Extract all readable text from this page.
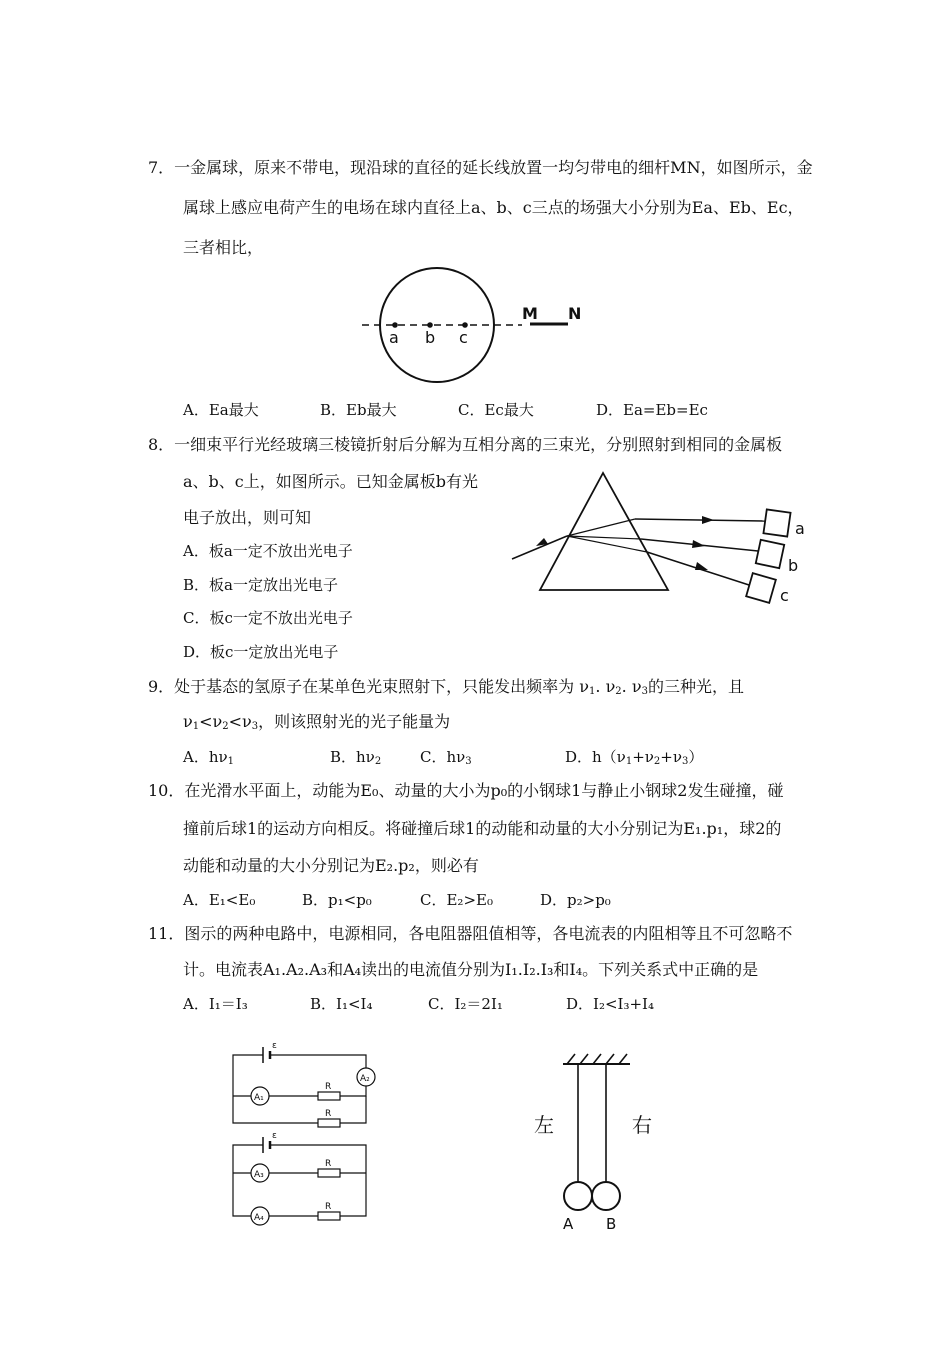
7．一金属球，原来不带电，现沿球的直径的延长线放置一均匀带电的细杆MN，如图所示，金
属球上感应电荷产生的电场在球内直径上a、b、c三点的场强大小分别为Ea、Eb、Ec，
三者相比，
a b c
M N
A．Ea最大	B．Eb最大	C．Ec最大	D．Ea=Eb=Ec
8．一细束平行光经玻璃三棱镜折射后分解为互相分离的三束光，分别照射到相同的金属板
a、b、c上，如图所示。已知金属板b有光
电子放出，则可知
A．板a一定不放出光电子
B．板a一定放出光电子
C．板c一定不放出光电子
D．板c一定放出光电子
a
b
c
9．处于基态的氢原子在某单色光束照射下，只能发出频率为 $\nu_1$. $\nu_2$. $\nu_3$的三种光，且
$\nu_1<\nu_2<\nu_3$，则该照射光的光子能量为
A．$h\nu_1$	B．$h\nu_2$	C．$h\nu_3$	D．$h(\nu_1+\nu_2+\nu_3)$
10．在光滑水平面上，动能为E₀、动量的大小为p₀的小钢球1与静止小钢球2发生碰撞，碰
撞前后球1的运动方向相反。将碰撞后球1的动能和动量的大小分别记为E₁.p₁，球2的
动能和动量的大小分别记为E₂.p₂，则必有
A．E₁<E₀	B．p₁<p₀	C．E₂>E₀	D．p₂>p₀
11．图示的两种电路中，电源相同，各电阻器阻值相等，各电流表的内阻相等且不可忽略不
计。电流表A₁.A₂.A₃和A₄读出的电流值分别为I₁.I₂.I₃和I₄。下列关系式中正确的是
A．I₁＝I₃	B．I₁<I₄	C．I₂＝2I₁	D．I₂<I₃+I₄
ε
R
R
A₁
A₂
ε
R
R
A₃
A₄
左	右
A B
